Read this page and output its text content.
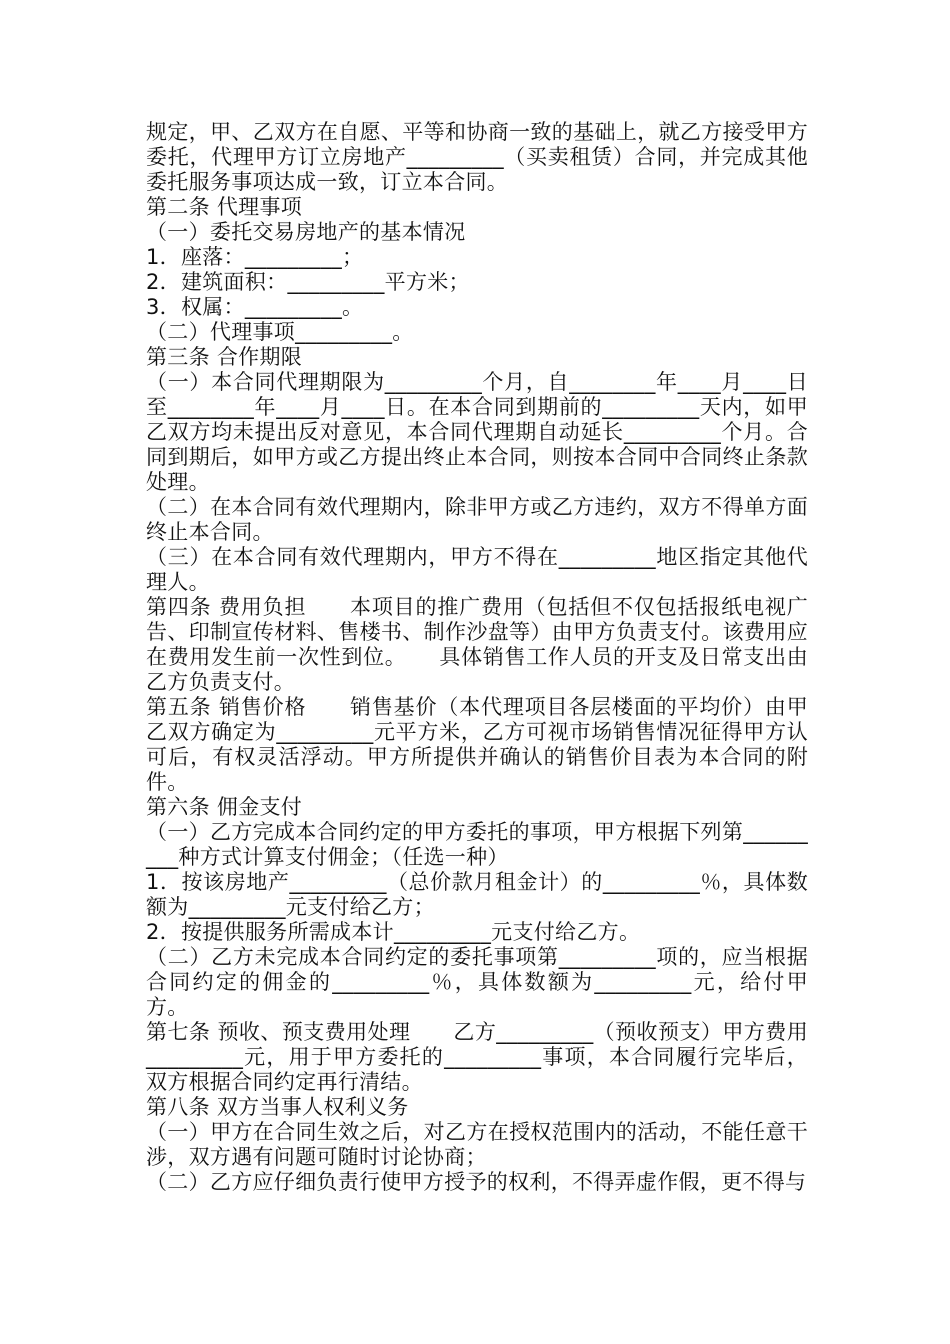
规定，甲、乙双方在自愿、平等和协商一致的基础上，就乙方接受甲方委托，代理甲方订立房地产_________（买卖租赁）合同，并完成其他委托服务事项达成一致，订立本合同。

第二条 代理事项

（一）委托交易房地产的基本情况

1．座落：_________；

2．建筑面积：_________平方米；

3．权属：_________。

（二）代理事项_________。

第三条 合作期限

（一）本合同代理期限为_________个月，自________年____月____日至________年____月____日。在本合同到期前的_________天内，如甲乙双方均未提出反对意见，本合同代理期自动延长_________个月。合同到期后，如甲方或乙方提出终止本合同，则按本合同中合同终止条款处理。

（二）在本合同有效代理期内，除非甲方或乙方违约，双方不得单方面终止本合同。

（三）在本合同有效代理期内，甲方不得在_________地区指定其他代理人。

第四条 费用负担　　本项目的推广费用（包括但不仅包括报纸电视广告、印制宣传材料、售楼书、制作沙盘等）由甲方负责支付。该费用应在费用发生前一次性到位。　　具体销售工作人员的开支及日常支出由乙方负责支付。

第五条 销售价格　　销售基价（本代理项目各层楼面的平均价）由甲乙双方确定为_________元平方米，乙方可视市场销售情况征得甲方认可后，有权灵活浮动。甲方所提供并确认的销售价目表为本合同的附件。

第六条 佣金支付

（一）乙方完成本合同约定的甲方委托的事项，甲方根据下列第_________种方式计算支付佣金；（任选一种）

1．按该房地产_________（总价款月租金计）的_________％，具体数额为_________元支付给乙方；

2．按提供服务所需成本计_________元支付给乙方。

（二）乙方未完成本合同约定的委托事项第_________项的，应当根据合同约定的佣金的_________％，具体数额为_________元，给付甲方。

第七条 预收、预支费用处理　　乙方_________（预收预支）甲方费用_________元，用于甲方委托的_________事项，本合同履行完毕后，双方根据合同约定再行清结。

第八条 双方当事人权利义务

（一）甲方在合同生效之后，对乙方在授权范围内的活动，不能任意干涉，双方遇有问题可随时讨论协商；

（二）乙方应仔细负责行使甲方授予的权利，不得弄虚作假，更不得与
